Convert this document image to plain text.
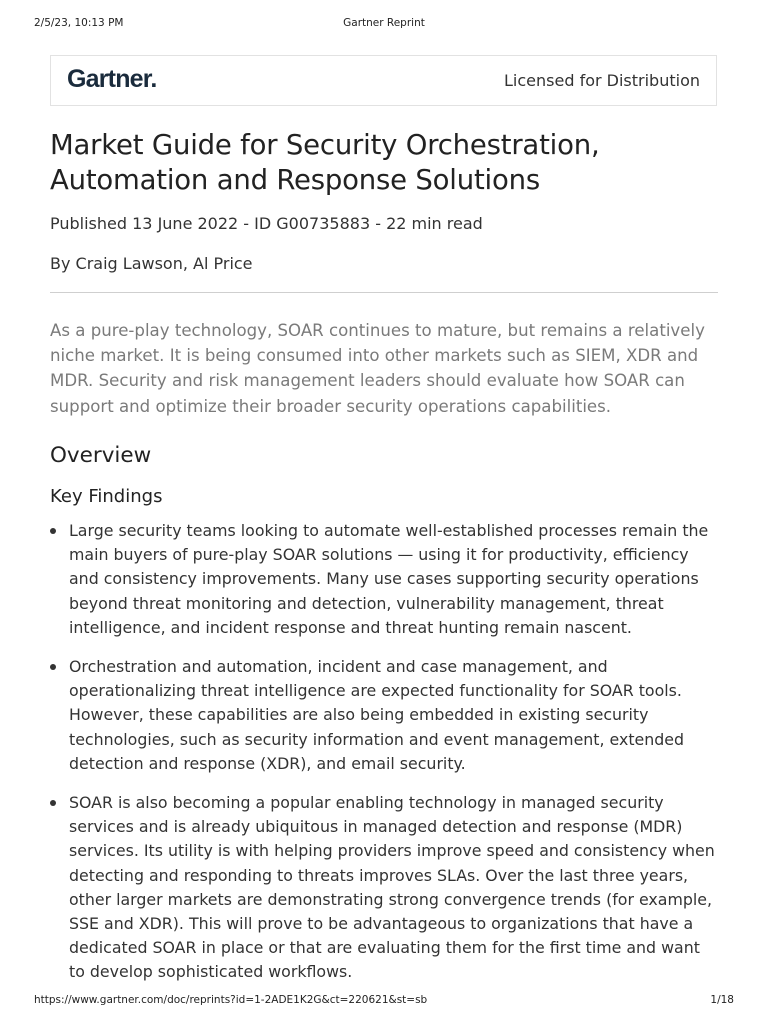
2/5/23, 10:13 PM	Gartner Reprint
Gartner.	Licensed for Distribution
Market Guide for Security Orchestration, Automation and Response Solutions
Published 13 June 2022 - ID G00735883 - 22 min read
By Craig Lawson, Al Price

As a pure-play technology, SOAR continues to mature, but remains a relatively niche market. It is being consumed into other markets such as SIEM, XDR and MDR. Security and risk management leaders should evaluate how SOAR can support and optimize their broader security operations capabilities.

Overview
Key Findings
Large security teams looking to automate well-established processes remain the main buyers of pure-play SOAR solutions — using it for productivity, efficiency and consistency improvements. Many use cases supporting security operations beyond threat monitoring and detection, vulnerability management, threat intelligence, and incident response and threat hunting remain nascent.
Orchestration and automation, incident and case management, and operationalizing threat intelligence are expected functionality for SOAR tools. However, these capabilities are also being embedded in existing security technologies, such as security information and event management, extended detection and response (XDR), and email security.
SOAR is also becoming a popular enabling technology in managed security services and is already ubiquitous in managed detection and response (MDR) services. Its utility is with helping providers improve speed and consistency when detecting and responding to threats improves SLAs. Over the last three years, other larger markets are demonstrating strong convergence trends (for example, SSE and XDR). This will prove to be advantageous to organizations that have a dedicated SOAR in place or that are evaluating them for the first time and want to develop sophisticated workflows.
https://www.gartner.com/doc/reprints?id=1-2ADE1K2G&ct=220621&st=sb	1/18
